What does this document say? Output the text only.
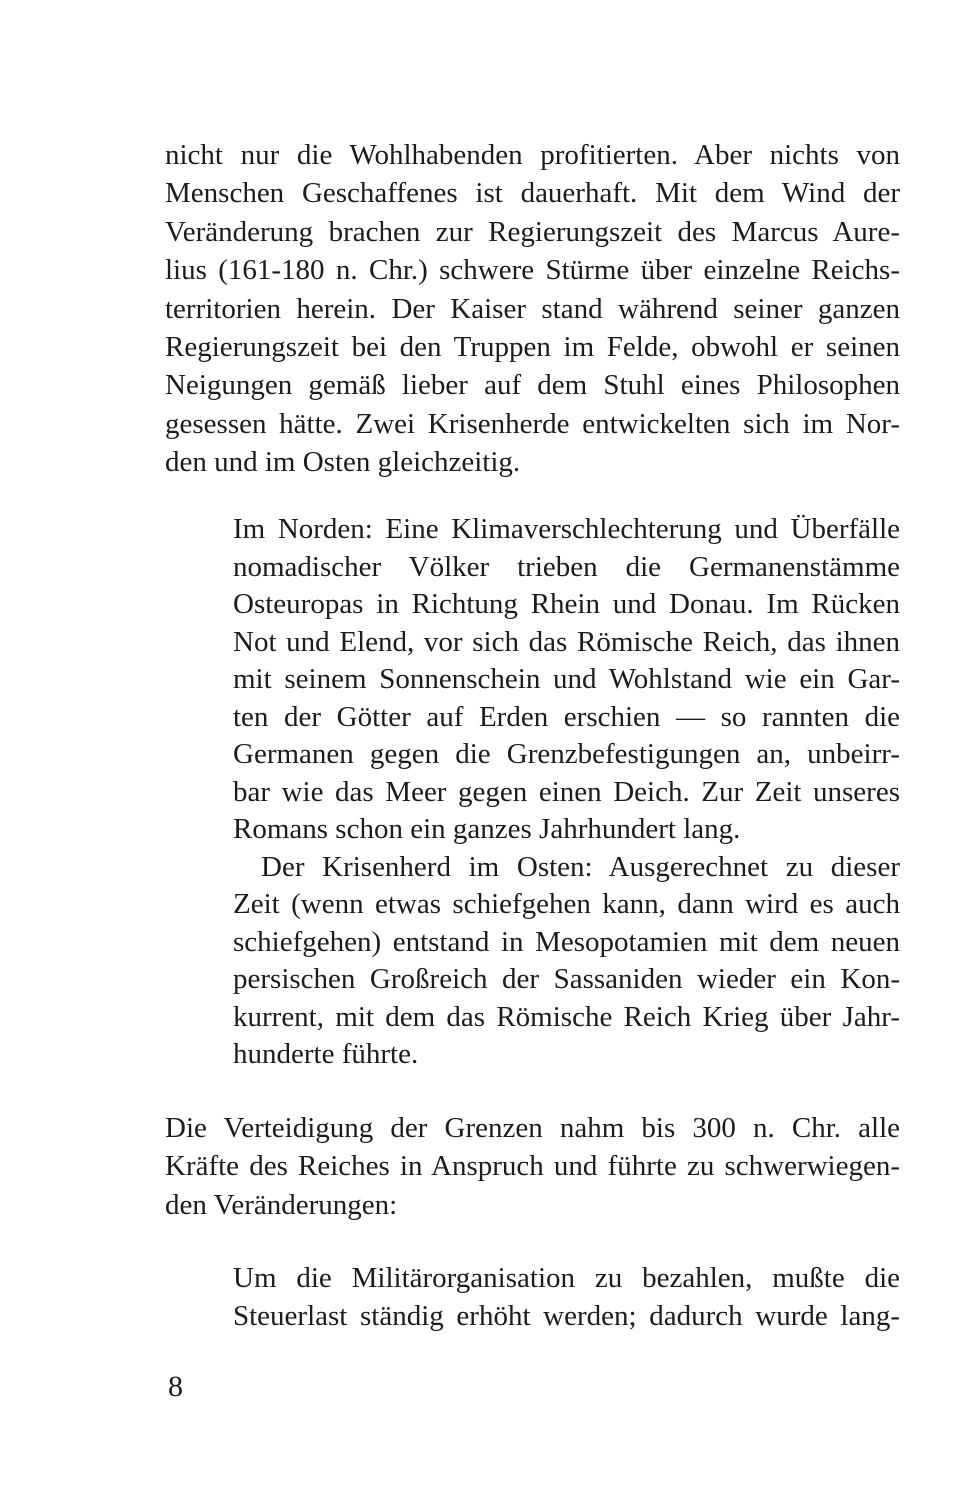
nicht nur die Wohlhabenden profitierten. Aber nichts von
Menschen Geschaffenes ist dauerhaft. Mit dem Wind der
Veränderung brachen zur Regierungszeit des Marcus Aure-
lius (161-180 n. Chr.) schwere Stürme über einzelne Reichs-
territorien herein. Der Kaiser stand während seiner ganzen
Regierungszeit bei den Truppen im Felde, obwohl er seinen
Neigungen gemäß lieber auf dem Stuhl eines Philosophen
gesessen hätte. Zwei Krisenherde entwickelten sich im Nor-
den und im Osten gleichzeitig.
Im Norden: Eine Klimaverschlechterung und Überfälle
nomadischer Völker trieben die Germanenstämme
Osteuropas in Richtung Rhein und Donau. Im Rücken
Not und Elend, vor sich das Römische Reich, das ihnen
mit seinem Sonnenschein und Wohlstand wie ein Gar-
ten der Götter auf Erden erschien — so rannten die
Germanen gegen die Grenzbefestigungen an, unbeirr-
bar wie das Meer gegen einen Deich. Zur Zeit unseres
Romans schon ein ganzes Jahrhundert lang.
Der Krisenherd im Osten: Ausgerechnet zu dieser
Zeit (wenn etwas schiefgehen kann, dann wird es auch
schiefgehen) entstand in Mesopotamien mit dem neuen
persischen Großreich der Sassaniden wieder ein Kon-
kurrent, mit dem das Römische Reich Krieg über Jahr-
hunderte führte.
Die Verteidigung der Grenzen nahm bis 300 n. Chr. alle
Kräfte des Reiches in Anspruch und führte zu schwerwiegen-
den Veränderungen:
Um die Militärorganisation zu bezahlen, mußte die
Steuerlast ständig erhöht werden; dadurch wurde lang-
8
